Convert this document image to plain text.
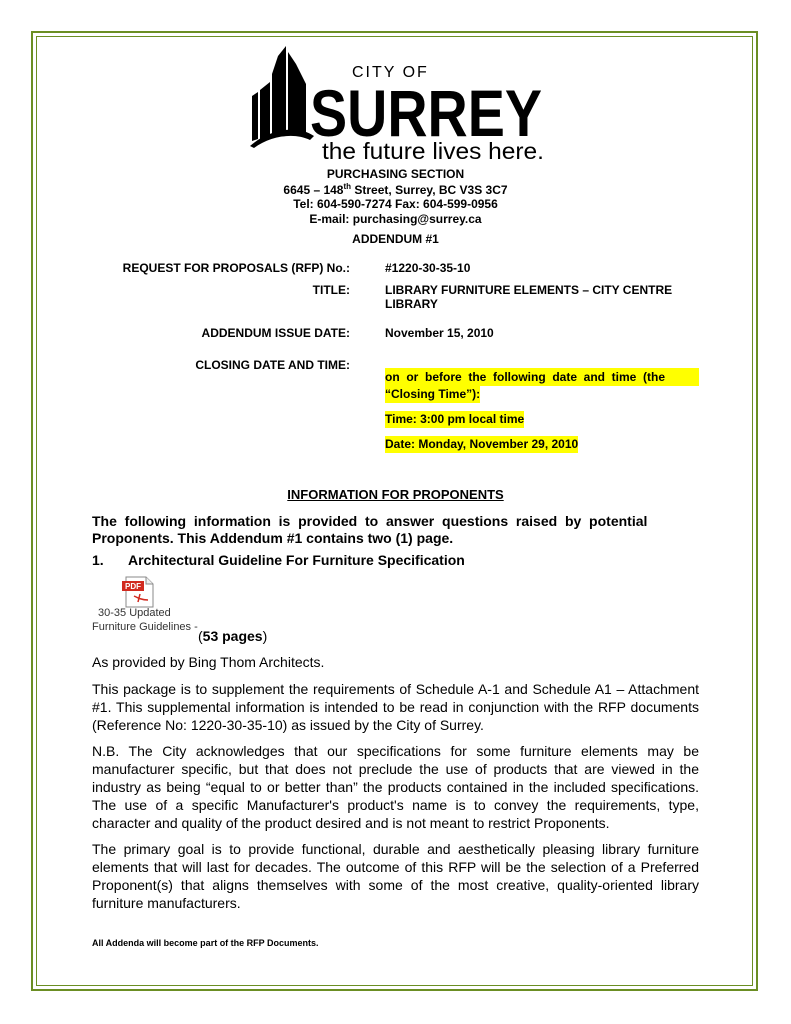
CITY OF
SURREY
the future lives here.
PURCHASING SECTION
6645 – 148th Street, Surrey, BC V3S 3C7
Tel: 604-590-7274 Fax: 604-599-0956
E-mail: purchasing@surrey.ca
ADDENDUM #1
REQUEST FOR PROPOSALS (RFP) No.:	#1220-30-35-10
TITLE:	LIBRARY FURNITURE ELEMENTS – CITY CENTRE
LIBRARY
ADDENDUM ISSUE DATE:	November 15, 2010
CLOSING DATE AND TIME:
on  or  before  the  following  date  and  time  (the
“Closing Time”):
Time: 3:00 pm local time
Date: Monday, November 29, 2010
INFORMATION FOR PROPONENTS
The  following  information  is  provided  to  answer  questions  raised  by  potential
Proponents. This Addendum #1 contains two (1) page.
1. Architectural Guideline For Furniture Specification
PDF
30-35 Updated
Furniture Guidelines -
(53 pages)
As provided by Bing Thom Architects.
This package is to supplement the requirements of Schedule A-1 and Schedule A1 – Attachment #1. This supplemental information is intended to be read in conjunction with the RFP documents (Reference No: 1220-30-35-10) as issued by the City of Surrey.
N.B. The City acknowledges that our specifications for some furniture elements may be manufacturer specific, but that does not preclude the use of products that are viewed in the industry as being “equal to or better than” the products contained in the included specifications. The use of a specific Manufacturer's product's name is to convey the requirements, type, character and quality of the product desired and is not meant to restrict Proponents.
The primary goal is to provide functional, durable and aesthetically pleasing library furniture elements that will last for decades. The outcome of this RFP will be the selection of a Preferred Proponent(s) that aligns themselves with some of the most creative, quality-oriented library furniture manufacturers.
All Addenda will become part of the RFP Documents.
